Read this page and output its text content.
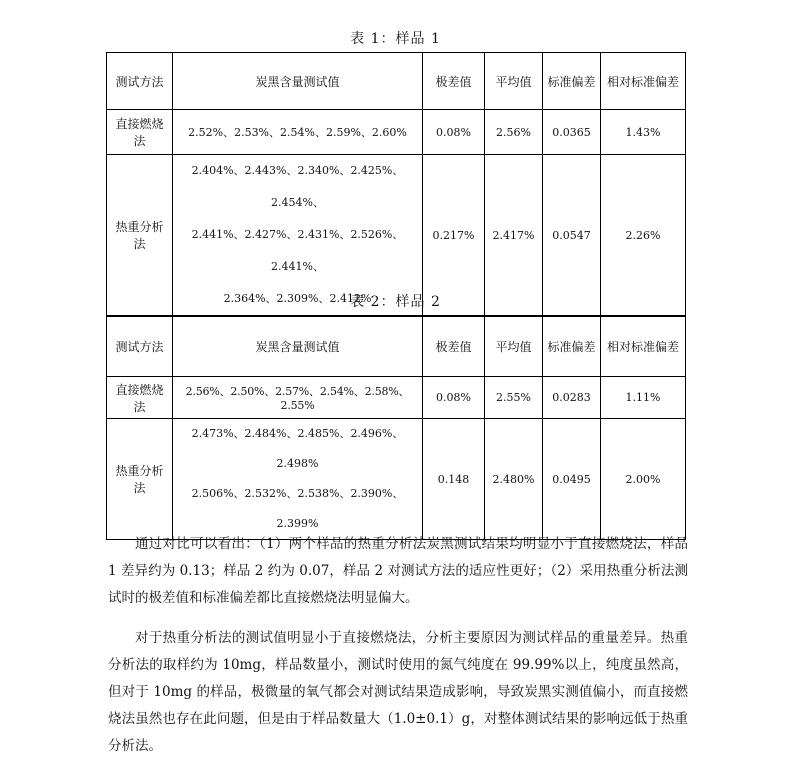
表 1：样品 1
测试方法	炭黑含量测试值	极差值	平均值	标准偏差	相对标准偏差
直接燃烧法	2.52%、2.53%、2.54%、2.59%、2.60%	0.08%	2.56%	0.0365	1.43%
热重分析法	2.404%、2.443%、2.340%、2.425%、2.454%、
2.441%、2.427%、2.431%、2.526%、2.441%、
2.364%、2.309%、2.412%	0.217%	2.417%	0.0547	2.26%
表 2：样品 2
测试方法	炭黑含量测试值	极差值	平均值	标准偏差	相对标准偏差
直接燃烧法	2.56%、2.50%、2.57%、2.54%、2.58%、2.55%	0.08%	2.55%	0.0283	1.11%
热重分析法	2.473%、2.484%、2.485%、2.496%、2.498%
2.506%、2.532%、2.538%、2.390%、2.399%	0.148	2.480%	0.0495	2.00%

通过对比可以看出：（1）两个样品的热重分析法炭黑测试结果均明显小于直接燃烧法，样品 1 差异约为 0.13；样品 2 约为 0.07，样品 2 对测试方法的适应性更好；（2）采用热重分析法测试时的极差值和标准偏差都比直接燃烧法明显偏大。

对于热重分析法的测试值明显小于直接燃烧法，分析主要原因为测试样品的重量差异。热重分析法的取样约为 10mg，样品数量小，测试时使用的氮气纯度在 99.99%以上，纯度虽然高，但对于 10mg 的样品，极微量的氧气都会对测试结果造成影响，导致炭黑实测值偏小，而直接燃烧法虽然也存在此问题，但是由于样品数量大（1.0±0.1）g，对整体测试结果的影响远低于热重分析法。
